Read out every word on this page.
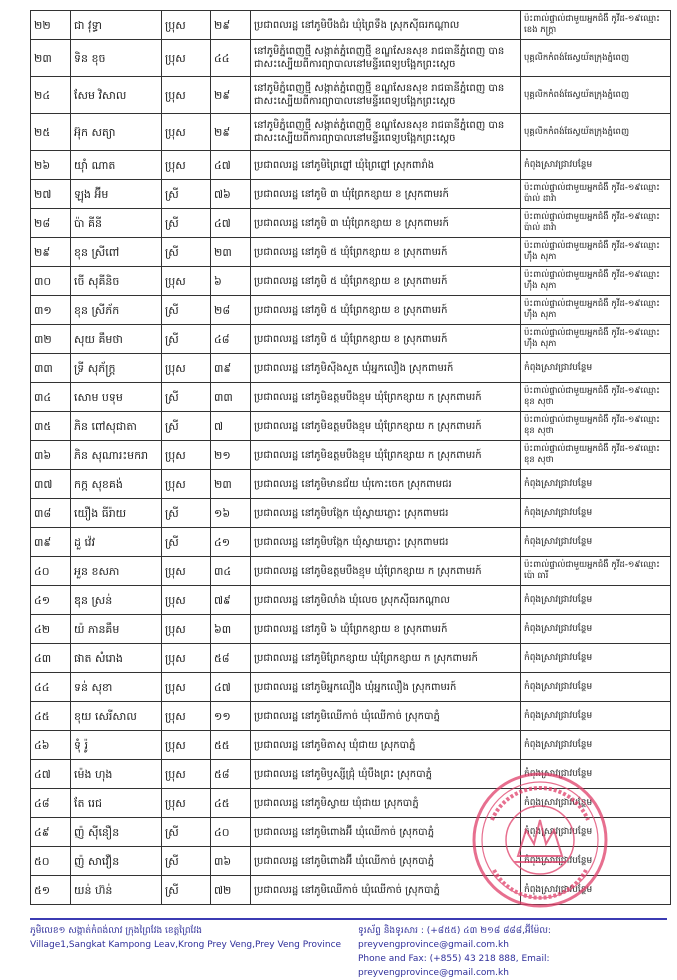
២២	ជា វុទ្ធា	ប្រុស	២៩	ប្រជាពលរដ្ឋ នៅភូមិបឹងជំរ ឃុំព្រៃទឹង ស្រុកស៊ីធរកណ្តាល	ប៉ះពាល់ផ្ទាល់ជាមួយអ្នកជំងឺ កូវីដ-១៩ឈ្មោះ ខេង ភក្ត្រា
២៣	ទិន ខុច	ប្រុស	៤៤	នៅភូមិភ្នំពេញថ្មី សង្កាត់ភ្នំពេញថ្មី ខណ្ឌសែនសុខ រាជធានីភ្នំពេញ បានជាសះស្បើយពីការព្យាបាលនៅមន្ទីរពេទ្យបង្អែកព្រះស្តេច	បុគ្គលិកកំពង់ផែស្វយ័តក្រុងភ្នំពេញ
២៤	សែម វិសាល	ប្រុស	២៩	នៅភូមិភ្នំពេញថ្មី សង្កាត់ភ្នំពេញថ្មី ខណ្ឌសែនសុខ រាជធានីភ្នំពេញ បានជាសះស្បើយពីការព្យាបាលនៅមន្ទីរពេទ្យបង្អែកព្រះស្តេច	បុគ្គលិកកំពង់ផែស្វយ័តក្រុងភ្នំពេញ
២៥	អ៊ុក សត្យា	ប្រុស	២៩	នៅភូមិភ្នំពេញថ្មី សង្កាត់ភ្នំពេញថ្មី ខណ្ឌសែនសុខ រាជធានីភ្នំពេញ បានជាសះស្បើយពីការព្យាបាលនៅមន្ទីរពេទ្យបង្អែកព្រះស្តេច	បុគ្គលិកកំពង់ផែស្វយ័តក្រុងភ្នំពេញ
២៦	យ៉ាំ ណាត	ប្រុស	៤៧	ប្រជាពលរដ្ឋ នៅភូមិព្រៃព្នៅ ឃុំព្រៃព្នៅ ស្រុកពារាំង	កំពុងស្រាវជ្រាវបន្ថែម
២៧	ឡុង អ៊ីម	ស្រី	៧៦	ប្រជាពលរដ្ឋ នៅភូមិ ៣ ឃុំព្រែកខ្សាយ ខ ស្រុកពាមរក៍	ប៉ះពាល់ផ្ទាល់ជាមួយអ្នកជំងឺ កូវីដ-១៩ឈ្មោះ ប៉ាល់ ដាវ៉ា
២៨	ប៉ា គីនី	ស្រី	៤៧	ប្រជាពលរដ្ឋ នៅភូមិ ៣ ឃុំព្រែកខ្សាយ ខ ស្រុកពាមរក៍	ប៉ះពាល់ផ្ទាល់ជាមួយអ្នកជំងឺ កូវីដ-១៩ឈ្មោះ ប៉ាល់ ដាវ៉ា
២៩	ខុន ស្រីពៅ	ស្រី	២៣	ប្រជាពលរដ្ឋ នៅភូមិ ៥ ឃុំព្រែកខ្សាយ ខ ស្រុកពាមរក៍	ប៉ះពាល់ផ្ទាល់ជាមួយអ្នកជំងឺ កូវីដ-១៩ឈ្មោះ ហ៊ឹង សុភា
៣០	ចើ សុគីនិច	ប្រុស	៦	ប្រជាពលរដ្ឋ នៅភូមិ ៥ ឃុំព្រែកខ្សាយ ខ ស្រុកពាមរក៍	ប៉ះពាល់ផ្ទាល់ជាមួយអ្នកជំងឺ កូវីដ-១៩ឈ្មោះ ហ៊ឹង សុភា
៣១	ខុន ស្រីភ័ក	ស្រី	២៨	ប្រជាពលរដ្ឋ នៅភូមិ ៥ ឃុំព្រែកខ្សាយ ខ ស្រុកពាមរក៍	ប៉ះពាល់ផ្ទាល់ជាមួយអ្នកជំងឺ កូវីដ-១៩ឈ្មោះ ហ៊ឹង សុភា
៣២	សុយ គឹមថា	ស្រី	៤៨	ប្រជាពលរដ្ឋ នៅភូមិ ៥ ឃុំព្រែកខ្សាយ ខ ស្រុកពាមរក៍	ប៉ះពាល់ផ្ទាល់ជាមួយអ្នកជំងឺ កូវីដ-១៩ឈ្មោះ ហ៊ឹង សុភា
៣៣	ទ្រី សុភ័ក្ត្រ	ប្រុស	៣៩	ប្រជាពលរដ្ឋ នៅភូមិស៊ីងសួត ឃុំអ្នកលឿង ស្រុកពាមរក៍	កំពុងស្រាវជ្រាវបន្ថែម
៣៤	សោម បទុម	ស្រី	៣៣	ប្រជាពលរដ្ឋ នៅភូមិឧត្តមបឹងខ្មុម ឃុំព្រែកខ្សាយ ក ស្រុកពាមរក៍	ប៉ះពាល់ផ្ទាល់ជាមួយអ្នកជំងឺ កូវីដ-១៩ឈ្មោះ ខុន សុថា
៣៥	ភិន ពៅសុជាតា	ស្រី	៧	ប្រជាពលរដ្ឋ នៅភូមិឧត្តមបឹងខ្មុម ឃុំព្រែកខ្សាយ ក ស្រុកពាមរក៍	ប៉ះពាល់ផ្ទាល់ជាមួយអ្នកជំងឺ កូវីដ-១៩ឈ្មោះ ខុន សុថា
៣៦	ភិន សុណារះមករា	ប្រុស	២១	ប្រជាពលរដ្ឋ នៅភូមិឧត្តមបឹងខ្មុម ឃុំព្រែកខ្សាយ ក ស្រុកពាមរក៍	ប៉ះពាល់ផ្ទាល់ជាមួយអ្នកជំងឺ កូវីដ-១៩ឈ្មោះ ខុន សុថា
៣៧	កក្ក សុខគង់	ប្រុស	២៣	ប្រជាពលរដ្ឋ នៅភូមិមានជ័យ ឃុំកោះចេក ស្រុកពាមជរ	កំពុងស្រាវជ្រាវបន្ថែម
៣៨	យឿង ធីរ៉ាយ	ស្រី	១៦	ប្រជាពលរដ្ឋ នៅភូមិបង្កែក ឃុំស្វាយភ្លោះ ស្រុកពាមជរ	កំពុងស្រាវជ្រាវបន្ថែម
៣៩	ដួ វ៉េវ	ស្រី	៤១	ប្រជាពលរដ្ឋ នៅភូមិបង្កែក ឃុំស្វាយភ្លោះ ស្រុកពាមជរ	កំពុងស្រាវជ្រាវបន្ថែម
៤០	អួន ខសភា	ប្រុស	៣៤	ប្រជាពលរដ្ឋ នៅភូមិឧត្តមបឹងខ្មុម ឃុំព្រែកខ្សាយ ក ស្រុកពាមរក៍	ប៉ះពាល់ផ្ទាល់ជាមួយអ្នកជំងឺ កូវីដ-១៩ឈ្មោះ ប៉ោ ធារី
៤១	ឌុន ស្រន់	ប្រុស	៧៩	ប្រជាពលរដ្ឋ នៅភូមិលាំង ឃុំលេច ស្រុកស៊ីធរកណ្តាល	កំពុងស្រាវជ្រាវបន្ថែម
៤២	យ៉ ភានគឹម	ប្រុស	៦៣	ប្រជាពលរដ្ឋ នៅភូមិ ៦ ឃុំព្រែកខ្សាយ ខ ស្រុកពាមរក៍	កំពុងស្រាវជ្រាវបន្ថែម
៤៣	ផាត សំរោង	ប្រុស	៥៨	ប្រជាពលរដ្ឋ នៅភូមិព្រែកខ្សាយ ឃុំព្រែកខ្សាយ ក ស្រុកពាមរក៍	កំពុងស្រាវជ្រាវបន្ថែម
៤៤	ទន់ សុខា	ប្រុស	៤៧	ប្រជាពលរដ្ឋ នៅភូមិអ្នកលឿង ឃុំអ្នកលឿង ស្រុកពាមរក៍	កំពុងស្រាវជ្រាវបន្ថែម
៤៥	ខុយ សេរីសាល	ប្រុស	១១	ប្រជាពលរដ្ឋ នៅភូមិឈើកាច់ ឃុំឈើកាច់ ស្រុកបាភ្នំ	កំពុងស្រាវជ្រាវបន្ថែម
៤៦	ទុំ រ៉ូ	ប្រុស	៥៥	ប្រជាពលរដ្ឋ នៅភូមិតាសុ ឃុំជាយ ស្រុកបាភ្នំ	កំពុងស្រាវជ្រាវបន្ថែម
៤៧	ម៉េង ហុង	ប្រុស	៥៨	ប្រជាពលរដ្ឋ នៅភូមិឫស្សីជ្រុំ ឃុំបឹងព្រះ ស្រុកបាភ្នំ	កំពុងស្រាវជ្រាវបន្ថែម
៤៨	តែ រេជ	ប្រុស	៤៥	ប្រជាពលរដ្ឋ នៅភូមិស្វាយ ឃុំជាយ ស្រុកបាភ្នំ	កំពុងស្រាវជ្រាវបន្ថែម
៤៩	ញ៉ ស៊ីនឿន	ស្រី	៤០	ប្រជាពលរដ្ឋ នៅភូមិពោងអ៊ី ឃុំឈើកាច់ ស្រុកបាភ្នំ	កំពុងស្រាវជ្រាវបន្ថែម
៥០	ញ៉ សាវឿន	ស្រី	៣៦	ប្រជាពលរដ្ឋ នៅភូមិពោងអ៊ី ឃុំឈើកាច់ ស្រុកបាភ្នំ	កំពុងស្រាវជ្រាវបន្ថែម
៥១	យន់ ហ៊ន់	ស្រី	៧២	ប្រជាពលរដ្ឋ នៅភូមិឈើកាច់ ឃុំឈើកាច់ ស្រុកបាភ្នំ	កំពុងស្រាវជ្រាវបន្ថែម
ភូមិលេខ១ សង្កាត់កំពង់លាវ ក្រុងព្រៃវែង ខេត្តព្រៃវែង
Village1,Sangkat Kampong Leav,Krong Prey Veng,Prey Veng Province
ទូរស័ព្ទ និងទូរសារ : (+៨៥៥) ៤៣ ២១៨ ៨៨៨,អ៊ីម៉ែល: preyvengprovince@gmail.com.kh
Phone and Fax: (+855) 43 218 888, Email: preyvengprovince@gmail.com.kh
